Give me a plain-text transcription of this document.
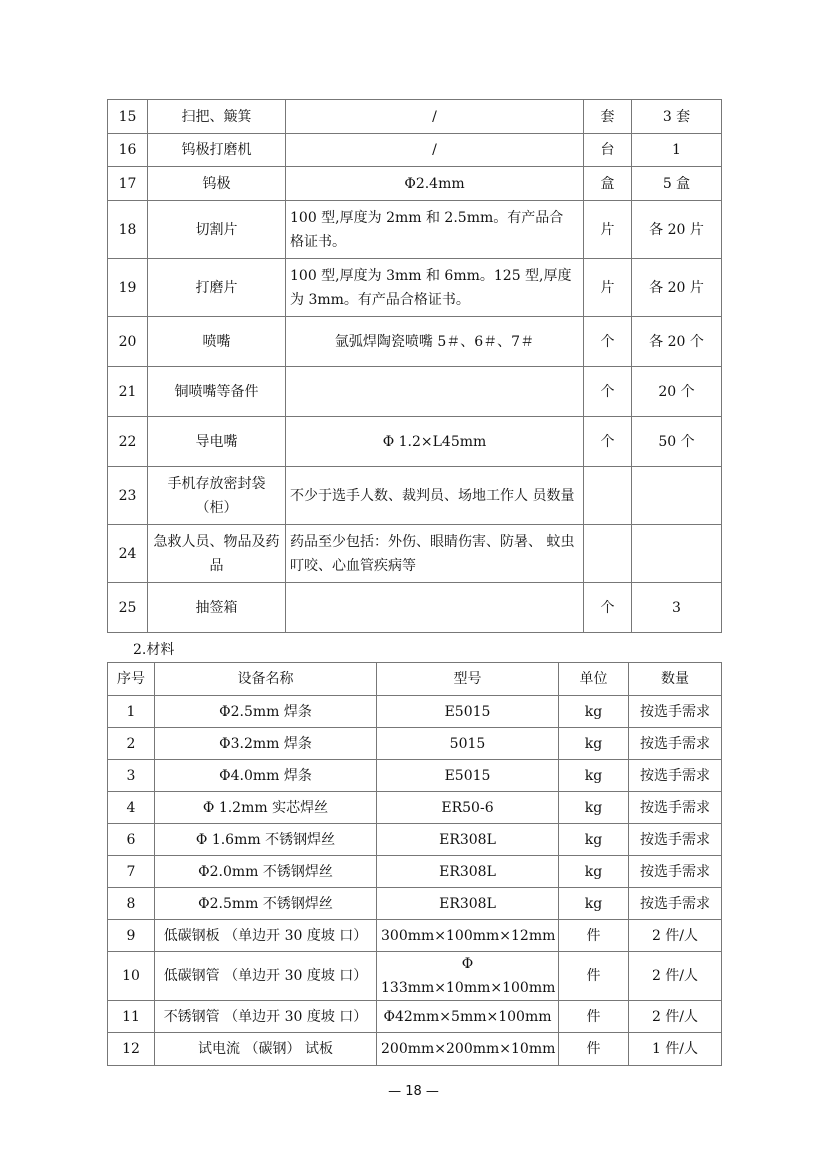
15	扫把、簸箕	/	套	3 套
16	钨极打磨机	/	台	1
17	钨极	Φ2.4mm	盒	5 盒
18	切割片	100 型,厚度为 2mm 和 2.5mm。有产品合 格证书。	片	各 20 片
19	打磨片	100 型,厚度为 3mm 和 6mm。125 型,厚度 为 3mm。有产品合格证书。	片	各 20 片
20	喷嘴	氩弧焊陶瓷喷嘴 5＃、6＃、7＃	个	各 20 个
21	铜喷嘴等备件		个	20 个
22	导电嘴	Φ 1.2×L45mm	个	50 个
23	手机存放密封袋（柜）	不少于选手人数、裁判员、场地工作人 员数量		
24	急救人员、物品及药品	药品至少包括：外伤、眼睛伤害、防暑、 蚊虫叮咬、心血管疾病等		
25	抽签箱		个	3
2.材料
序号	设备名称	型号	单位	数量
1	Φ2.5mm 焊条	E5015	kg	按选手需求
2	Φ3.2mm 焊条	5015	kg	按选手需求
3	Φ4.0mm 焊条	E5015	kg	按选手需求
4	Φ 1.2mm 实芯焊丝	ER50-6	kg	按选手需求
6	Φ 1.6mm 不锈钢焊丝	ER308L	kg	按选手需求
7	Φ2.0mm 不锈钢焊丝	ER308L	kg	按选手需求
8	Φ2.5mm 不锈钢焊丝	ER308L	kg	按选手需求
9	低碳钢板 （单边开 30 度坡 口）	300mm×100mm×12mm	件	2 件/人
10	低碳钢管 （单边开 30 度坡 口）	Φ 133mm×10mm×100mm	件	2 件/人
11	不锈钢管 （单边开 30 度坡 口）	Φ42mm×5mm×100mm	件	2 件/人
12	试电流 （碳钢） 试板	200mm×200mm×10mm	件	1 件/人
— 18 —
